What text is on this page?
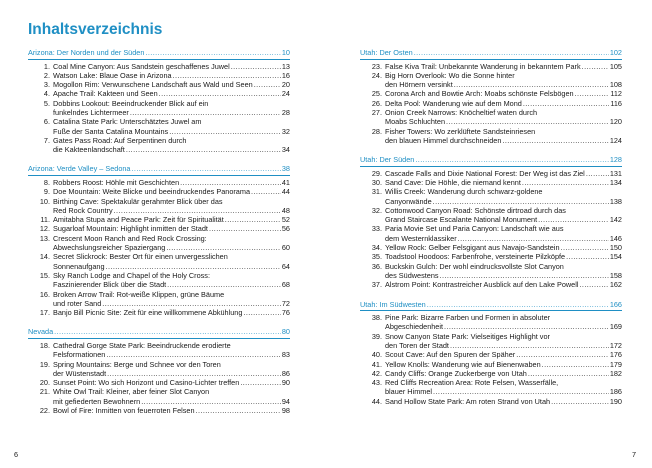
Inhaltsverzeichnis
Arizona: Der Norden und der Süden .....	10
1. Coal Mine Canyon: Aus Sandstein geschaffenes Juwel .....	13
2. Watson Lake: Blaue Oase in Arizona .....	16
3. Mogollon Rim: Verwunschene Landschaft aus Wald und Seen .....	20
4. Apache Trail: Kakteen und Seen .....	24
5. Dobbins Lookout: Beeindruckender Blick auf ein
funkelndes Lichtermeer .....	28
6. Catalina State Park: Unterschätztes Juwel am
Fuße der Santa Catalina Mountains .....	32
7. Gates Pass Road: Auf Serpentinen durch
die Kakteenlandschaft .....	34
Arizona: Verde Valley – Sedona .....	38
8. Robbers Roost: Höhle mit Geschichten .....	41
9. Doe Mountain: Weite Blicke und beeindruckendes Panorama .....	44
10. Birthing Cave: Spektakulär gerahmter Blick über das
Red Rock Country .....	48
11. Amitabha Stupa and Peace Park: Zeit für Spiritualität .....	52
12. Sugarloaf Mountain: Highlight inmitten der Stadt .....	56
13. Crescent Moon Ranch and Red Rock Crossing:
Abwechslungsreicher Spaziergang .....	60
14. Secret Slickrock: Bester Ort für einen unvergesslichen
Sonnenaufgang .....	64
15. Sky Ranch Lodge and Chapel of the Holy Cross:
Faszinierender Blick über die Stadt .....	68
16. Broken Arrow Trail: Rot-weiße Klippen, grüne Bäume
und roter Sand .....	72
17. Banjo Bill Picnic Site: Zeit für eine willkommene Abkühlung .....	76
Nevada .....	80
18. Cathedral Gorge State Park: Beeindruckende erodierte
Felsformationen .....	83
19. Spring Mountains: Berge und Schnee vor den Toren
der Wüstenstadt .....	86
20. Sunset Point: Wo sich Horizont und Casino-Lichter treffen .....	90
21. White Owl Trail: Kleiner, aber feiner Slot Canyon
mit gefiederten Bewohnern .....	94
22. Bowl of Fire: Inmitten von feuerroten Felsen .....	98
6
Utah: Der Osten .....	102
23. False Kiva Trail: Unbekannte Wanderung in bekanntem Park .....	105
24. Big Horn Overlook: Wo die Sonne hinter
den Hörnern versinkt .....	108
25. Corona Arch and Bowtie Arch: Moabs schönste Felsbögen .....	112
26. Delta Pool: Wanderung wie auf dem Mond .....	116
27. Onion Creek Narrows: Knöcheltief waten durch
Moabs Schluchten .....	120
28. Fisher Towers: Wo zerklüftete Sandsteinriesen
den blauen Himmel durchschneiden .....	124
Utah: Der Süden .....	128
29. Cascade Falls and Dixie National Forest: Der Weg ist das Ziel .....	131
30. Sand Cave: Die Höhle, die niemand kennt .....	134
31. Willis Creek: Wanderung durch schwarz-goldene
Canyonwände .....	138
32. Cottonwood Canyon Road: Schönste dirtroad durch das
Grand Staircase Escalante National Monument .....	142
33. Paria Movie Set und Paria Canyon: Landschaft wie aus
dem Westernklassiker .....	146
34. Yellow Rock: Gelber Felsgigant aus Navajo-Sandstein .....	150
35. Toadstool Hoodoos: Farbenfrohe, versteinerte Pilzköpfe .....	154
36. Buckskin Gulch: Der wohl eindrucksvollste Slot Canyon
des Südwestens .....	158
37. Alstrom Point: Kontrastreicher Ausblick auf den Lake Powell .....	162
Utah: Im Südwesten .....	166
38. Pine Park: Bizarre Farben und Formen in absoluter
Abgeschiedenheit .....	169
39. Snow Canyon State Park: Vielseitiges Highlight vor
den Toren der Stadt .....	172
40. Scout Cave: Auf den Spuren der Späher .....	176
41. Yellow Knolls: Wanderung wie auf Bienenwaben .....	179
42. Candy Cliffs: Orange Zuckerberge von Utah .....	182
43. Red Cliffs Recreation Area: Rote Felsen, Wasserfälle,
blauer Himmel .....	186
44. Sand Hollow State Park: Am roten Strand von Utah .....	190
7
